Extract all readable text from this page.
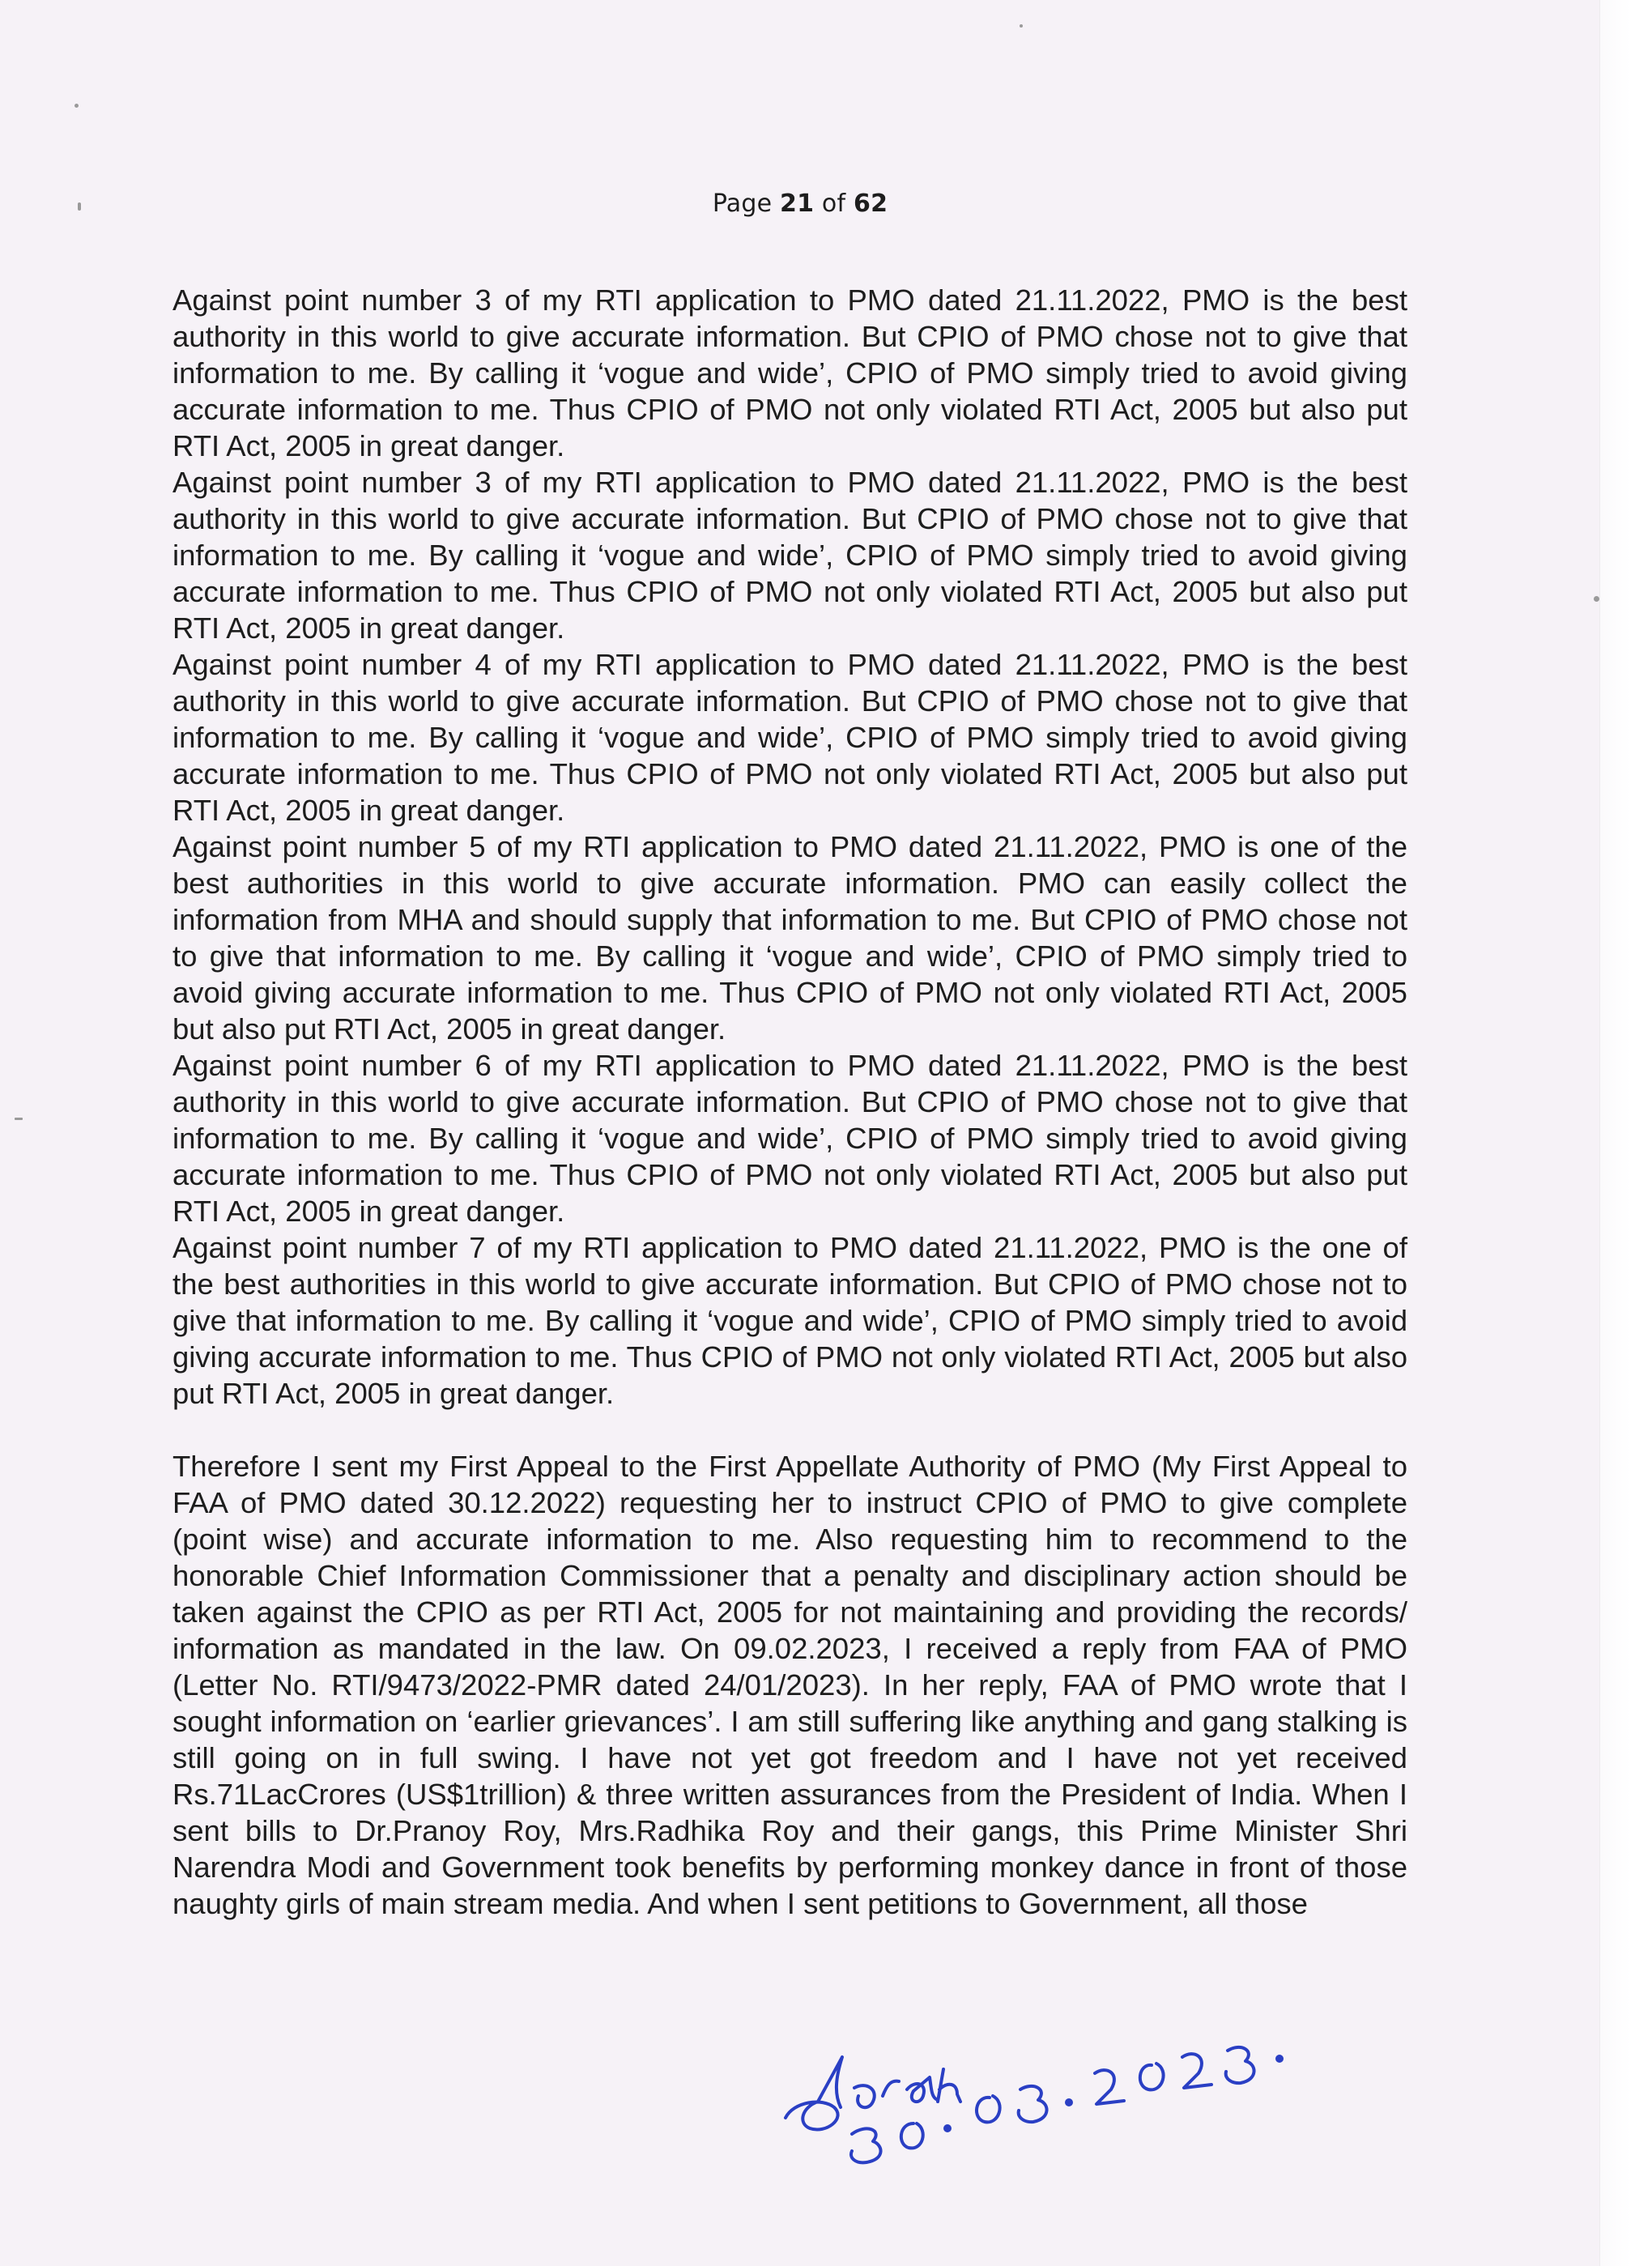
Page 21 of 62

Against point number 3 of my RTI application to PMO dated 21.11.2022, PMO is the best authority in this world to give accurate information. But CPIO of PMO chose not to give that information to me. By calling it ‘vogue and wide’, CPIO of PMO simply tried to avoid giving accurate information to me. Thus CPIO of PMO not only violated RTI Act, 2005 but also put RTI Act, 2005 in great danger.

Against point number 3 of my RTI application to PMO dated 21.11.2022, PMO is the best authority in this world to give accurate information. But CPIO of PMO chose not to give that information to me. By calling it ‘vogue and wide’, CPIO of PMO simply tried to avoid giving accurate information to me. Thus CPIO of PMO not only violated RTI Act, 2005 but also put RTI Act, 2005 in great danger.

Against point number 4 of my RTI application to PMO dated 21.11.2022, PMO is the best authority in this world to give accurate information. But CPIO of PMO chose not to give that information to me. By calling it ‘vogue and wide’, CPIO of PMO simply tried to avoid giving accurate information to me. Thus CPIO of PMO not only violated RTI Act, 2005 but also put RTI Act, 2005 in great danger.

Against point number 5 of my RTI application to PMO dated 21.11.2022, PMO is one of the best authorities in this world to give accurate information. PMO can easily collect the information from MHA and should supply that information to me. But CPIO of PMO chose not to give that information to me. By calling it ‘vogue and wide’, CPIO of PMO simply tried to avoid giving accurate information to me. Thus CPIO of PMO not only violated RTI Act, 2005 but also put RTI Act, 2005 in great danger.

Against point number 6 of my RTI application to PMO dated 21.11.2022, PMO is the best authority in this world to give accurate information. But CPIO of PMO chose not to give that information to me. By calling it ‘vogue and wide’, CPIO of PMO simply tried to avoid giving accurate information to me. Thus CPIO of PMO not only violated RTI Act, 2005 but also put RTI Act, 2005 in great danger.

Against point number 7 of my RTI application to PMO dated 21.11.2022, PMO is the one of the best authorities in this world to give accurate information. But CPIO of PMO chose not to give that information to me. By calling it ‘vogue and wide’, CPIO of PMO simply tried to avoid giving accurate information to me. Thus CPIO of PMO not only violated RTI Act, 2005 but also put RTI Act, 2005 in great danger.

Therefore I sent my First Appeal to the First Appellate Authority of PMO (My First Appeal to FAA of PMO dated 30.12.2022) requesting her to instruct CPIO of PMO to give complete (point wise) and accurate information to me. Also requesting him to recommend to the honorable Chief Information Commissioner that a penalty and disciplinary action should be taken against the CPIO as per RTI Act, 2005 for not maintaining and providing the records/ information as mandated in the law. On 09.02.2023, I received a reply from FAA of PMO (Letter No. RTI/9473/2022-PMR dated 24/01/2023). In her reply, FAA of PMO wrote that I sought information on ‘earlier grievances’. I am still suffering like anything and gang stalking is still going on in full swing. I have not yet got freedom and I have not yet received Rs.71LacCrores (US$1trillion) & three written assurances from the President of India. When I sent bills to Dr.Pranoy Roy, Mrs.Radhika Roy and their gangs, this Prime Minister Shri Narendra Modi and Government took benefits by performing monkey dance in front of those naughty girls of main stream media. And when I sent petitions to Government, all those
